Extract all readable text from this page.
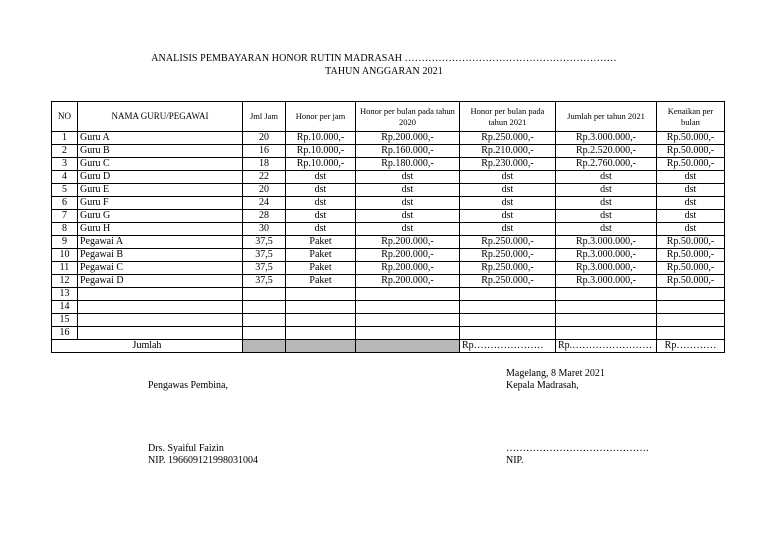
ANALISIS PEMBAYARAN HONOR RUTIN MADRASAH ………………………………………………………
TAHUN ANGGARAN 2021
NO	NAMA GURU/PEGAWAI	Jml Jam	Honor per jam	Honor per bulan pada tahun 2020	Honor per bulan pada tahun 2021	Jumlah per tahun 2021	Kenaikan per bulan
1	Guru A	20	Rp.10.000,-	Rp.200.000,-	Rp.250.000,-	Rp.3.000.000,-	Rp.50.000,-
2	Guru B	16	Rp.10.000,-	Rp.160.000,-	Rp.210.000,-	Rp.2.520.000,-	Rp.50.000,-
3	Guru C	18	Rp.10.000,-	Rp.180.000,-	Rp.230.000,-	Rp.2.760.000,-	Rp.50.000,-
4	Guru D	22	dst	dst	dst	dst	dst
5	Guru E	20	dst	dst	dst	dst	dst
6	Guru F	24	dst	dst	dst	dst	dst
7	Guru G	28	dst	dst	dst	dst	dst
8	Guru H	30	dst	dst	dst	dst	dst
9	Pegawai A	37,5	Paket	Rp.200.000,-	Rp.250.000,-	Rp.3.000.000,-	Rp.50.000,-
10	Pegawai B	37,5	Paket	Rp.200.000,-	Rp.250.000,-	Rp.3.000.000,-	Rp.50.000,-
11	Pegawai C	37,5	Paket	Rp.200.000,-	Rp.250.000,-	Rp.3.000.000,-	Rp.50.000,-
12	Pegawai D	37,5	Paket	Rp.200.000,-	Rp.250.000,-	Rp.3.000.000,-	Rp.50.000,-
13							
14							
15							
16							
Jumlah					Rp…………………	Rp.……………………	Rp…………
Pengawas Pembina,
Drs. Syaiful Faizin
NIP. 196609121998031004
Magelang, 8 Maret 2021
Kepala Madrasah,
…………………………………….
NIP.
